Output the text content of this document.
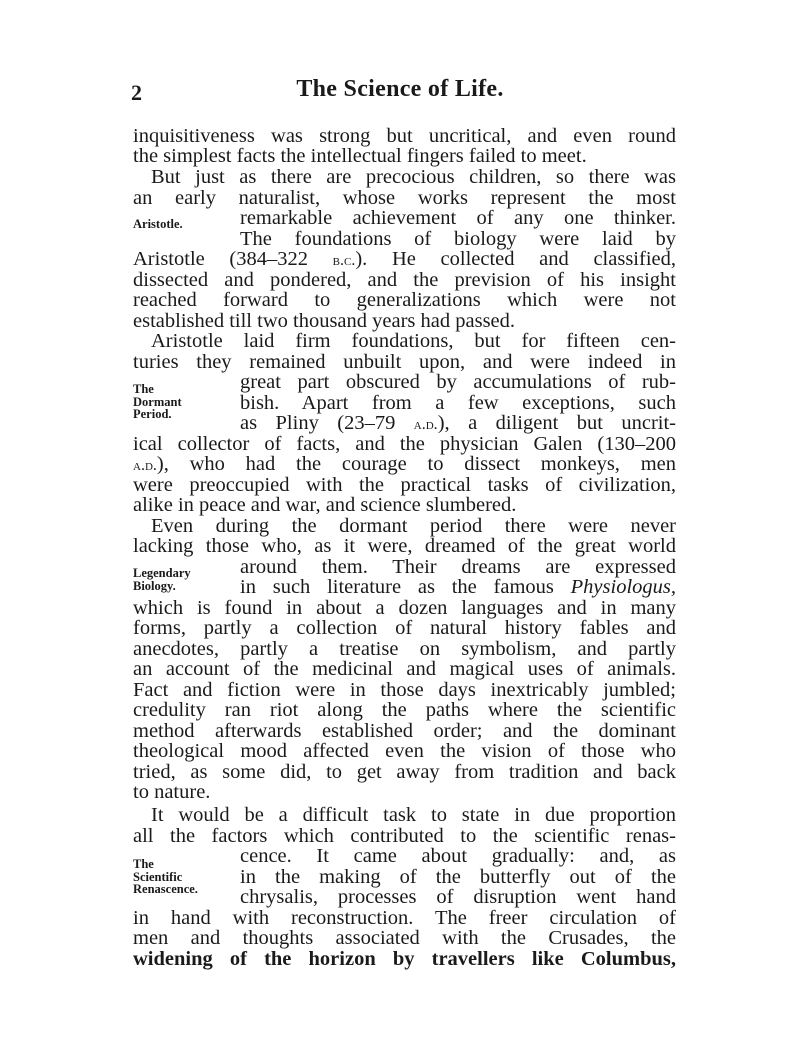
2	The Science of Life.
Aristotle.
The
Dormant
Period.
Legendary
Biology.
The
Scientific
Renascence.
inquisitiveness was strong but uncritical, and even round
the simplest facts the intellectual fingers failed to meet.
But just as there are precocious children, so there was
an early naturalist, whose works represent the most
remarkable achievement of any one thinker.
The foundations of biology were laid by
Aristotle (384–322 b.c.). He collected and classified,
dissected and pondered, and the prevision of his insight
reached forward to generalizations which were not
established till two thousand years had passed.
Aristotle laid firm foundations, but for fifteen cen-
turies they remained unbuilt upon, and were indeed in
great part obscured by accumulations of rub-
bish. Apart from a few exceptions, such
as Pliny (23–79 a.d.), a diligent but uncrit-
ical collector of facts, and the physician Galen (130–200
a.d.), who had the courage to dissect monkeys, men
were preoccupied with the practical tasks of civilization,
alike in peace and war, and science slumbered.
Even during the dormant period there were never
lacking those who, as it were, dreamed of the great world
around them. Their dreams are expressed
in such literature as the famous Physiologus,
which is found in about a dozen languages and in many
forms, partly a collection of natural history fables and
anecdotes, partly a treatise on symbolism, and partly
an account of the medicinal and magical uses of animals.
Fact and fiction were in those days inextricably jumbled;
credulity ran riot along the paths where the scientific
method afterwards established order; and the dominant
theological mood affected even the vision of those who
tried, as some did, to get away from tradition and back
to nature.
It would be a difficult task to state in due proportion
all the factors which contributed to the scientific renas-
cence. It came about gradually: and, as
in the making of the butterfly out of the
chrysalis, processes of disruption went hand
in hand with reconstruction. The freer circulation of
men and thoughts associated with the Crusades, the
widening of the horizon by travellers like Columbus,
